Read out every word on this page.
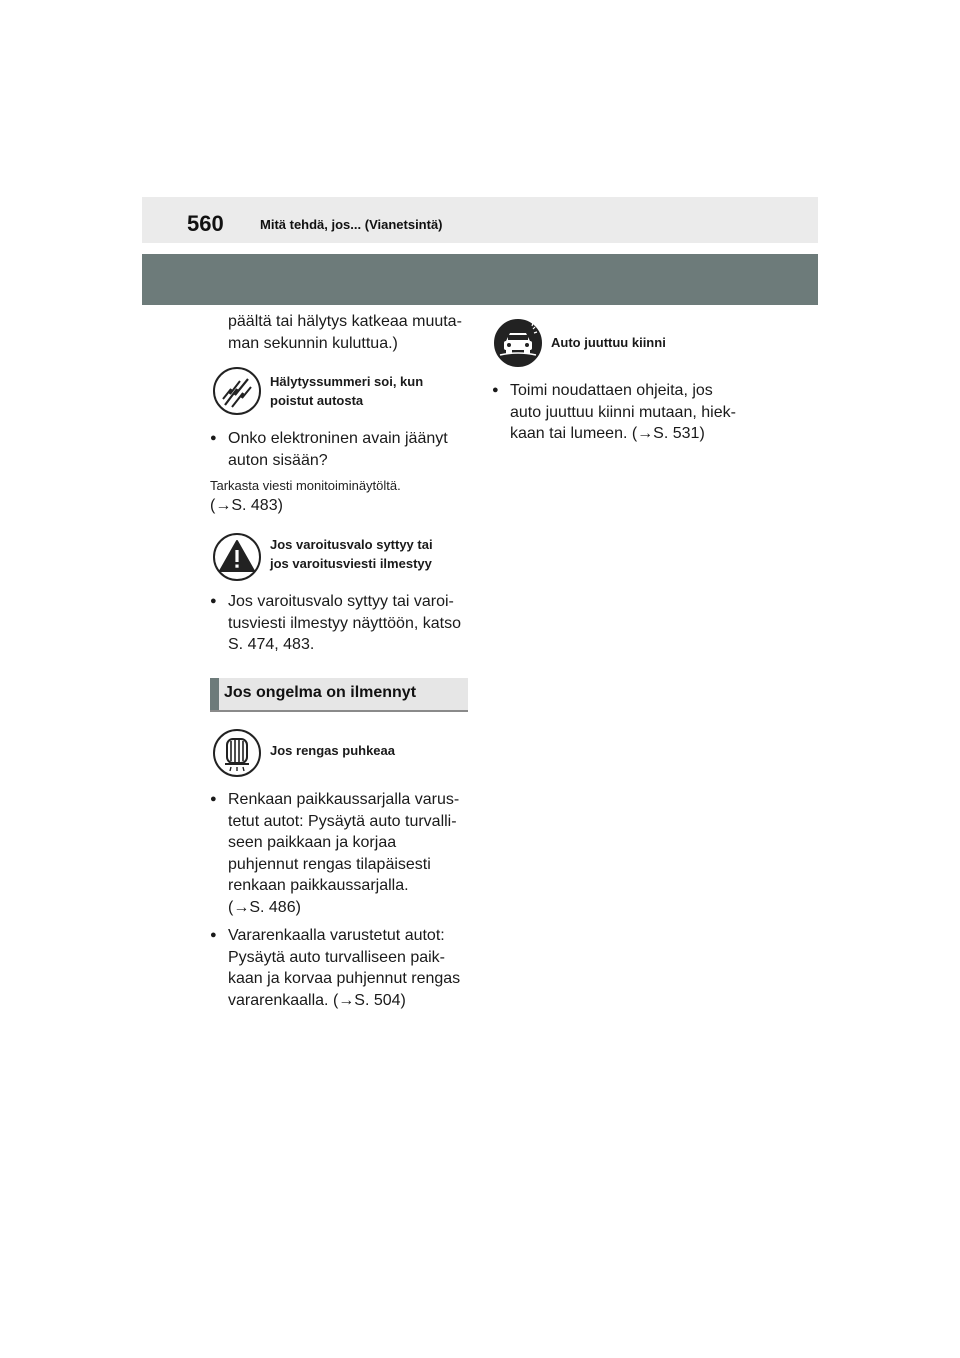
560	Mitä tehdä, jos... (Vianetsintä)
päältä tai hälytys katkeaa muuta-
man sekunnin kuluttua.)
Hälytyssummeri soi, kun
poistut autosta
● Onko elektroninen avain jäänyt
auton sisään?
Tarkasta viesti monitoiminäytöltä.
(→S. 483)
Jos varoitusvalo syttyy tai
jos varoitusviesti ilmestyy
● Jos varoitusvalo syttyy tai varoi-
tusviesti ilmestyy näyttöön, katso
S. 474, 483.
Jos ongelma on ilmennyt
Jos rengas puhkeaa
● Renkaan paikkaussarjalla varus-
tetut autot: Pysäytä auto turvalli-
seen paikkaan ja korjaa
puhjennut rengas tilapäisesti
renkaan paikkaussarjalla.
(→S. 486)
● Vararenkaalla varustetut autot:
Pysäytä auto turvalliseen paik-
kaan ja korvaa puhjennut rengas
vararenkaalla. (→S. 504)
Auto juuttuu kiinni
● Toimi noudattaen ohjeita, jos
auto juuttuu kiinni mutaan, hiek-
kaan tai lumeen. (→S. 531)
